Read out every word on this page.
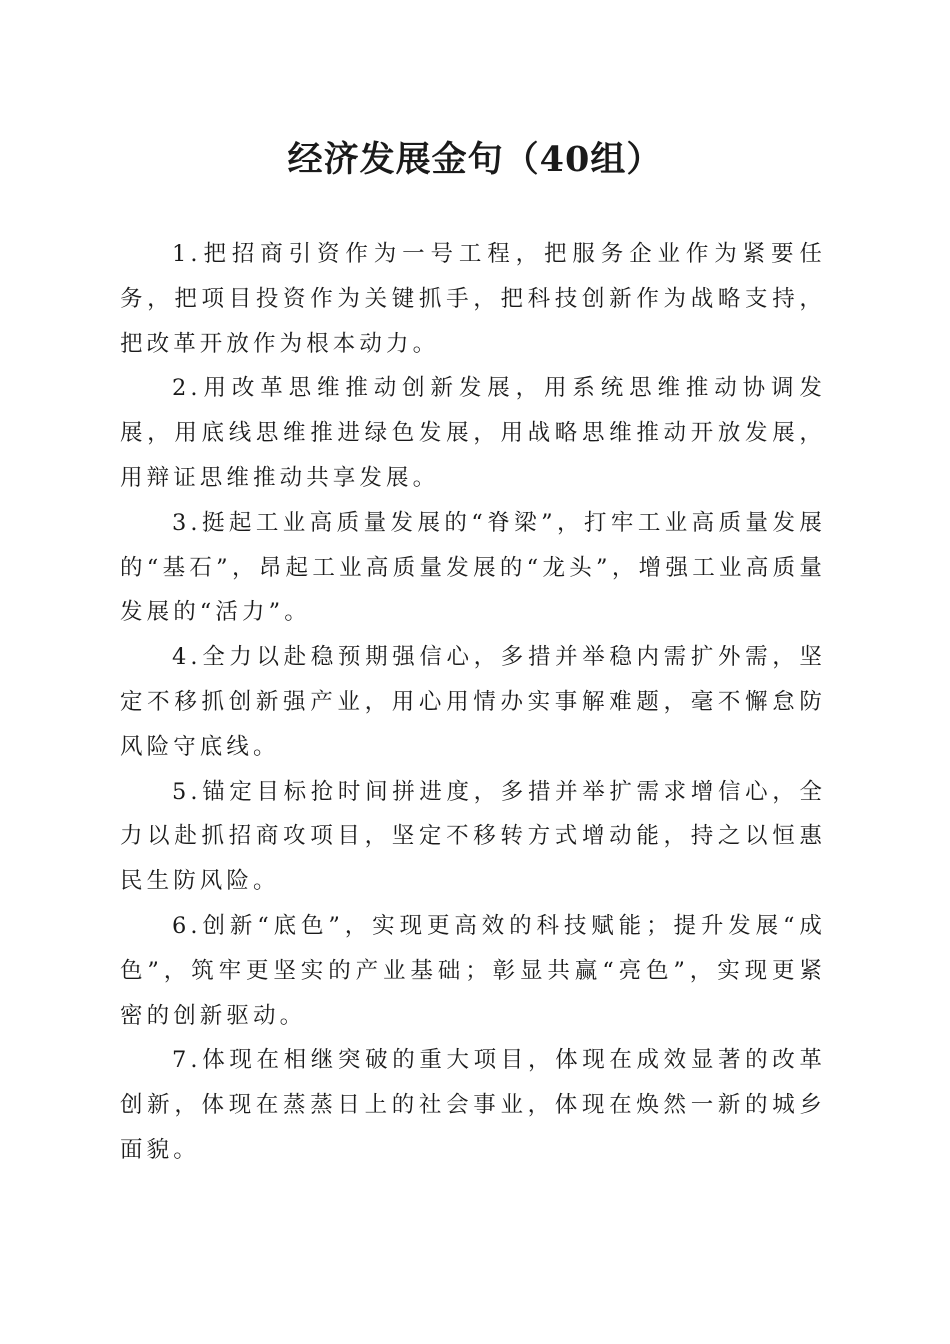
经济发展金句（40组）

1.把招商引资作为一号工程，把服务企业作为紧要任务，把项目投资作为关键抓手，把科技创新作为战略支持，把改革开放作为根本动力。

2.用改革思维推动创新发展，用系统思维推动协调发展，用底线思维推进绿色发展，用战略思维推动开放发展，用辩证思维推动共享发展。

3.挺起工业高质量发展的“脊梁”，打牢工业高质量发展的“基石”，昂起工业高质量发展的“龙头”，增强工业高质量发展的“活力”。

4.全力以赴稳预期强信心，多措并举稳内需扩外需，坚定不移抓创新强产业，用心用情办实事解难题，毫不懈怠防风险守底线。

5.锚定目标抢时间拼进度，多措并举扩需求增信心，全力以赴抓招商攻项目，坚定不移转方式增动能，持之以恒惠民生防风险。

6.创新“底色”，实现更高效的科技赋能；提升发展“成色”，筑牢更坚实的产业基础；彰显共赢“亮色”，实现更紧密的创新驱动。

7.体现在相继突破的重大项目，体现在成效显著的改革创新，体现在蒸蒸日上的社会事业，体现在焕然一新的城乡面貌。
